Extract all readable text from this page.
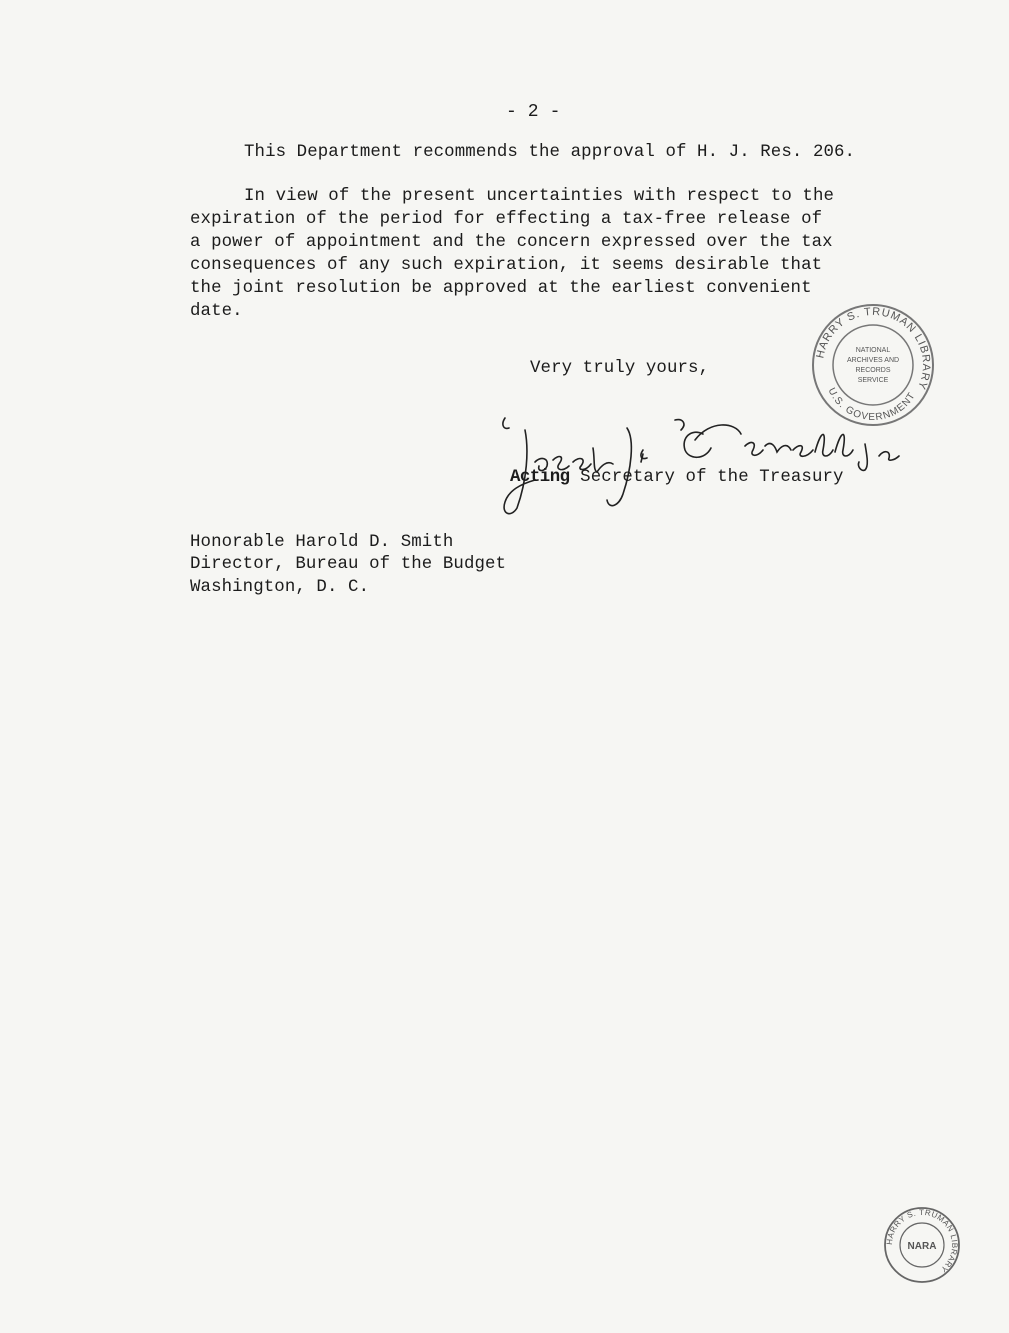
- 2 -
This Department recommends the approval of H. J. Res. 206.
In view of the present uncertainties with respect to the
expiration of the period for effecting a tax-free release of
a power of appointment and the concern expressed over the tax
consequences of any such expiration, it seems desirable that
the joint resolution be approved at the earliest convenient
date.
Very truly yours,
Acting Secretary of the Treasury
Honorable Harold D. Smith
Director, Bureau of the Budget
Washington, D. C.
HARRY S. TRUMAN LIBRARY
U.S. GOVERNMENT
NATIONAL
ARCHIVES AND
RECORDS
SERVICE
HARRY S. TRUMAN LIBRARY
NARA
